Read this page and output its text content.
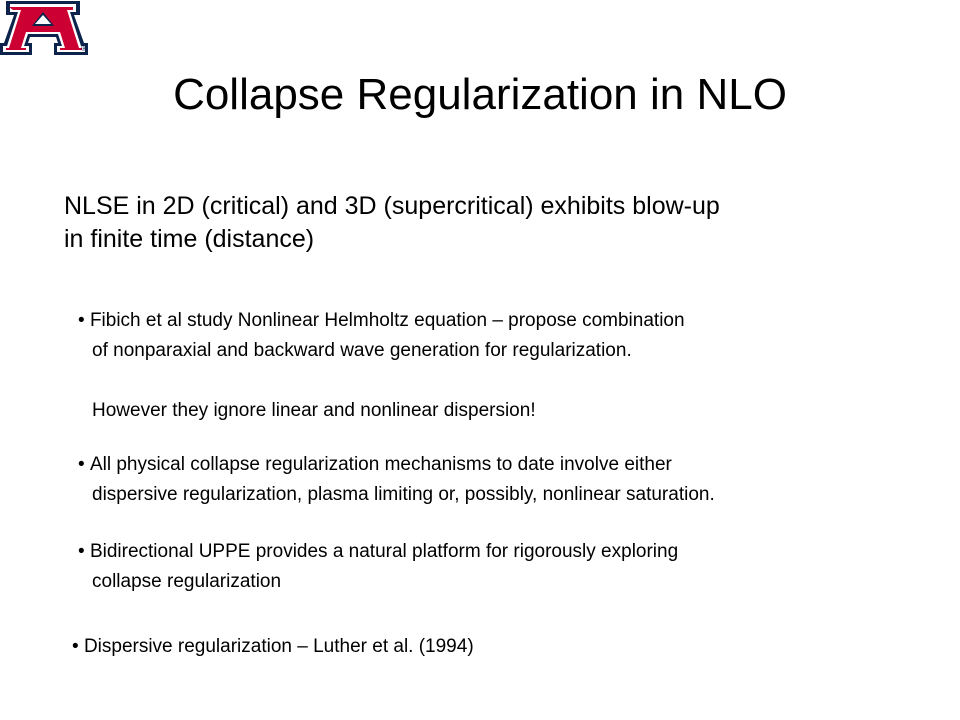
®
Collapse Regularization in NLO
NLSE in 2D (critical) and 3D (supercritical) exhibits blow-up
in finite time (distance)
• Fibich et al study Nonlinear Helmholtz equation – propose combination
of nonparaxial and backward wave generation for regularization.
However they ignore linear and nonlinear dispersion!
• All physical collapse regularization mechanisms to date involve either
dispersive regularization, plasma limiting or, possibly, nonlinear saturation.
• Bidirectional UPPE provides a natural platform for rigorously exploring
collapse regularization
• Dispersive regularization – Luther et al. (1994)
